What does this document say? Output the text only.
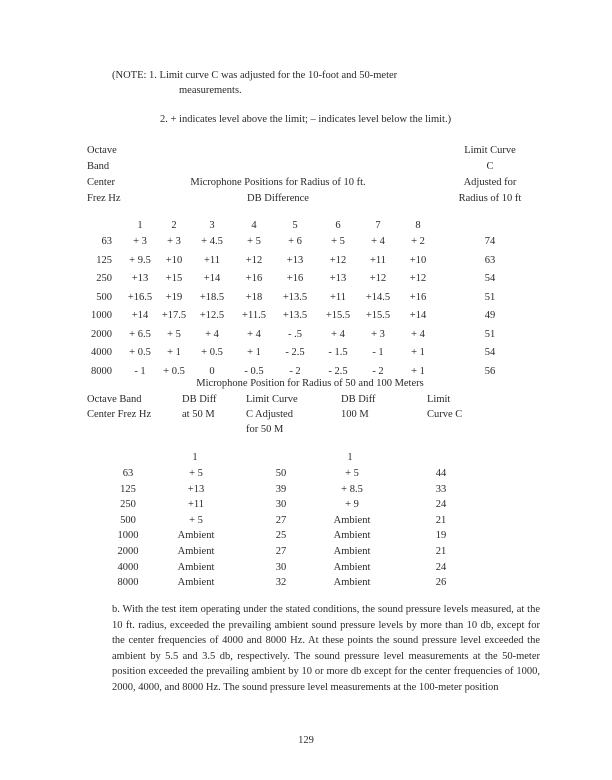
(NOTE: 1. Limit curve C was adjusted for the 10-foot and 50-meter
measurements.
2. + indicates level above the limit; – indicates level below the limit.)
Octave
Band
Center
Frez Hz
Microphone Positions for Radius of 10 ft.
DB Difference
Limit Curve
C
Adjusted for
Radius of 10 ft
1	2	3	4	5	6	7	8
63	+ 3	+ 3	+ 4.5	+ 5	+ 6	+ 5	+ 4	+ 2	74
125	+ 9.5	+10	+11	+12	+13	+12	+11	+10	63
250	+13	+15	+14	+16	+16	+13	+12	+12	54
500	+16.5	+19	+18.5	+18	+13.5	+11	+14.5	+16	51
1000	+14	+17.5	+12.5	+11.5	+13.5	+15.5	+15.5	+14	49
2000	+ 6.5	+ 5	+ 4	+ 4	- .5	+ 4	+ 3	+ 4	51
4000	+ 0.5	+ 1	+ 0.5	+ 1	- 2.5	- 1.5	- 1	+ 1	54
8000	- 1	+ 0.5	0	- 0.5	- 2	- 2.5	- 2	+ 1	56
Microphone Position for Radius of 50 and 100 Meters
Octave Band
Center Frez Hz
DB Diff
at 50 M
Limit Curve
C Adjusted
for 50 M
DB Diff
100 M
Limit
Curve C
1	1
63	+ 5	50	+ 5	44
125	+13	39	+ 8.5	33
250	+11	30	+ 9	24
500	+ 5	27	Ambient	21
1000	Ambient	25	Ambient	19
2000	Ambient	27	Ambient	21
4000	Ambient	30	Ambient	24
8000	Ambient	32	Ambient	26
b. With the test item operating under the stated conditions, the sound pressure levels measured, at the 10 ft. radius, exceeded the prevailing ambient sound pressure levels by more than 10 db, except for the center frequencies of 4000 and 8000 Hz. At these points the sound pressure level exceeded the ambient by 5.5 and 3.5 db, respectively. The sound pressure level measurements at the 50-meter position exceeded the prevailing ambient by 10 or more db except for the center frequencies of 1000, 2000, 4000, and 8000 Hz. The sound pressure level measurements at the 100-meter position
129
